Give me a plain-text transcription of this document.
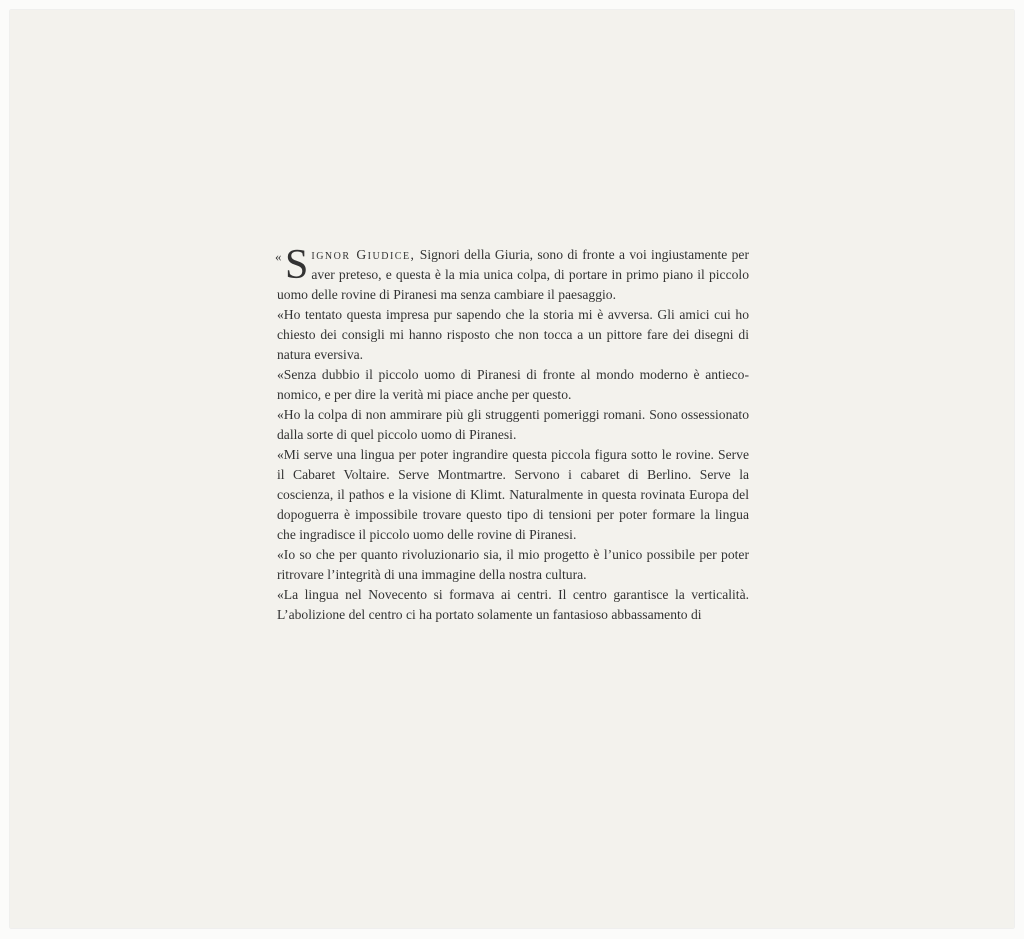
« S ignor Giudice, Signori della Giuria, sono di fronte a voi ingiustamente per aver preteso, e questa è la mia unica colpa, di portare in primo piano il piccolo uomo delle rovine di Piranesi ma senza cambiare il paesaggio.

«Ho tentato questa impresa pur sapendo che la storia mi è avversa. Gli amici cui ho chiesto dei consigli mi hanno risposto che non tocca a un pittore fare dei disegni di natura eversiva.

«Senza dubbio il piccolo uomo di Piranesi di fronte al mondo moderno è antieconomico, e per dire la verità mi piace anche per questo.

«Ho la colpa di non ammirare più gli struggenti pomeriggi romani. Sono ossessionato dalla sorte di quel piccolo uomo di Piranesi.

«Mi serve una lingua per poter ingrandire questa piccola figura sotto le rovine. Serve il Cabaret Voltaire. Serve Montmartre. Servono i cabaret di Berlino. Serve la coscienza, il pathos e la visione di Klimt. Naturalmente in questa rovinata Europa del dopoguerra è impossibile trovare questo tipo di tensioni per poter formare la lingua che ingradisce il piccolo uomo delle rovine di Piranesi.

«Io so che per quanto rivoluzionario sia, il mio progetto è l’unico possibile per poter ritrovare l’integrità di una immagine della nostra cultura.

«La lingua nel Novecento si formava ai centri. Il centro garantisce la verticalità. L’abolizione del centro ci ha portato solamente un fantasioso abbassamento di
